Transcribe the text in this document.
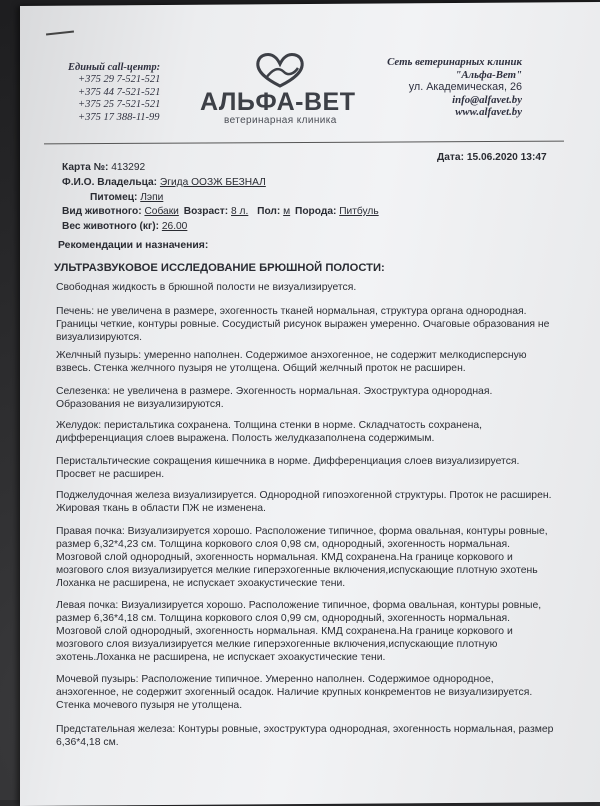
Единый call-центр:
+375 29 7-521-521
+375 44 7-521-521
+375 25 7-521-521
+375 17 388-11-99
АЛЬФА-ВЕТ
ветеринарная клиника
Сеть ветеринарных клиник
"Альфа-Вет"
ул. Академическая, 26
info@alfavet.by
www.alfavet.by
Карта №: 413292
Дата: 15.06.2020 13:47
Ф.И.О. Владельца: Эгида ООЗЖ БЕЗНАЛ
Питомец: Лэпи
Вид животного: Собаки Возраст: 8 л. Пол: м Порода: Питбуль
Вес животного (кг): 26.00
Рекомендации и назначения:
УЛЬТРАЗВУКОВОЕ ИССЛЕДОВАНИЕ БРЮШНОЙ ПОЛОСТИ:
Свободная жидкость в брюшной полости не визуализируется.
Печень: не увеличена в размере, эхогенность тканей нормальная, структура органа однородная. Границы четкие, контуры ровные. Сосудистый рисунок выражен умеренно. Очаговые образования не визуализируются.
Желчный пузырь: умеренно наполнен. Содержимое анэхогенное, не содержит мелкодисперсную взвесь. Стенка желчного пузыря не утолщена. Общий желчный проток не расширен.
Селезенка: не увеличена в размере. Эхогенность нормальная. Эхоструктура однородная. Образования не визуализируются.
Желудок: перистальтика сохранена. Толщина стенки в норме. Складчатость сохранена, дифференциация слоев выражена. Полость желудказаполнена содержимым.
Перистальтические сокращения кишечника в норме. Дифференциация слоев визуализируется. Просвет не расширен.
Поджелудочная железа визуализируется. Однородной гипоэхогенной структуры. Проток не расширен. Жировая ткань в области ПЖ не изменена.
Правая почка: Визуализируется хорошо. Расположение типичное, форма овальная, контуры ровные, размер 6,32*4,23 см. Толщина коркового слоя 0,98 см, однородный, эхогенность нормальная. Мозговой слой однородный, эхогенность нормальная. КМД сохранена.На границе коркового и мозгового слоя визуализируется мелкие гиперэхогенные включения,испускающие плотную эхотень Лоханка не расширена, не испускает эхоакустические тени.
Левая почка: Визуализируется хорошо. Расположение типичное, форма овальная, контуры ровные, размер 6,36*4,18 см. Толщина коркового слоя 0,99 см, однородный, эхогенность нормальная. Мозговой слой однородный, эхогенность нормальная. КМД сохранена.На границе коркового и мозгового слоя визуализируется мелкие гиперэхогенные включения,испускающие плотную эхотень.Лоханка не расширена, не испускает эхоакустические тени.
Мочевой пузырь: Расположение типичное. Умеренно наполнен. Содержимое однородное, анэхогенное, не содержит эхогенный осадок. Наличие крупных конкрементов не визуализируется. Стенка мочевого пузыря не утолщена.
Предстательная железа: Контуры ровные, эхоструктура однородная, эхогенность нормальная, размер 6,36*4,18 см.
